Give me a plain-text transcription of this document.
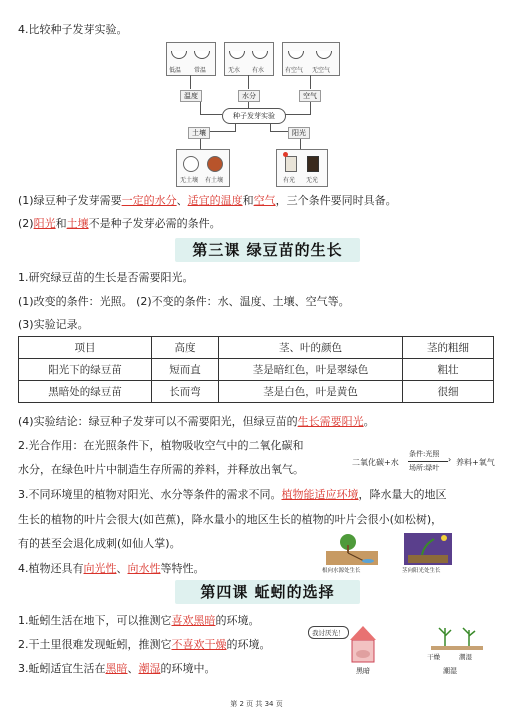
4.比较种子发芽实验。
低温 常温	无水 有水	有空气 无空气
温度	水分	空气
种子发芽实验
土壤	阳光
无土壤 有土壤	有光 无光
(1)绿豆种子发芽需要一定的水分、适宜的温度和空气，三个条件要同时具备。
(2)阳光和土壤不是种子发芽必需的条件。
第三课 绿豆苗的生长
1.研究绿豆苗的生长是否需要阳光。
(1)改变的条件：光照。 (2)不变的条件：水、温度、土壤、空气等。
(3)实验记录。
项目	高度	茎、叶的颜色	茎的粗细
阳光下的绿豆苗	短而直	茎是暗红色，叶是翠绿色	粗壮
黑暗处的绿豆苗	长而弯	茎是白色，叶是黄色	很细
(4)实验结论：绿豆种子发芽可以不需要阳光，但绿豆苗的生长需要阳光。
2.光合作用：在光照条件下，植物吸收空气中的二氧化碳和
水分，在绿色叶片中制造生存所需的养料，并释放出氧气。
二氧化碳+水
条件:光照
场所:绿叶
› 养料+氧气
3.不同环境里的植物对阳光、水分等条件的需求不同。植物能适应环境，降水量大的地区
生长的植物的叶片会很大(如芭蕉)，降水量小的地区生长的植物的叶片会很小(如松树)，
有的甚至会退化成刺(如仙人掌)。
4.植物还具有向光性、向水性等特性。	根向水源处生长	茎向阳光处生长
第四课 蚯蚓的选择
1.蚯蚓生活在地下，可以推测它喜欢黑暗的环境。
2.干土里很难发现蚯蚓，推测它不喜欢干燥的环境。
3.蚯蚓适宜生活在黑暗、潮湿的环境中。
我讨厌光！
黑暗
干燥	潮湿
潮湿
第 2 页 共 34 页
